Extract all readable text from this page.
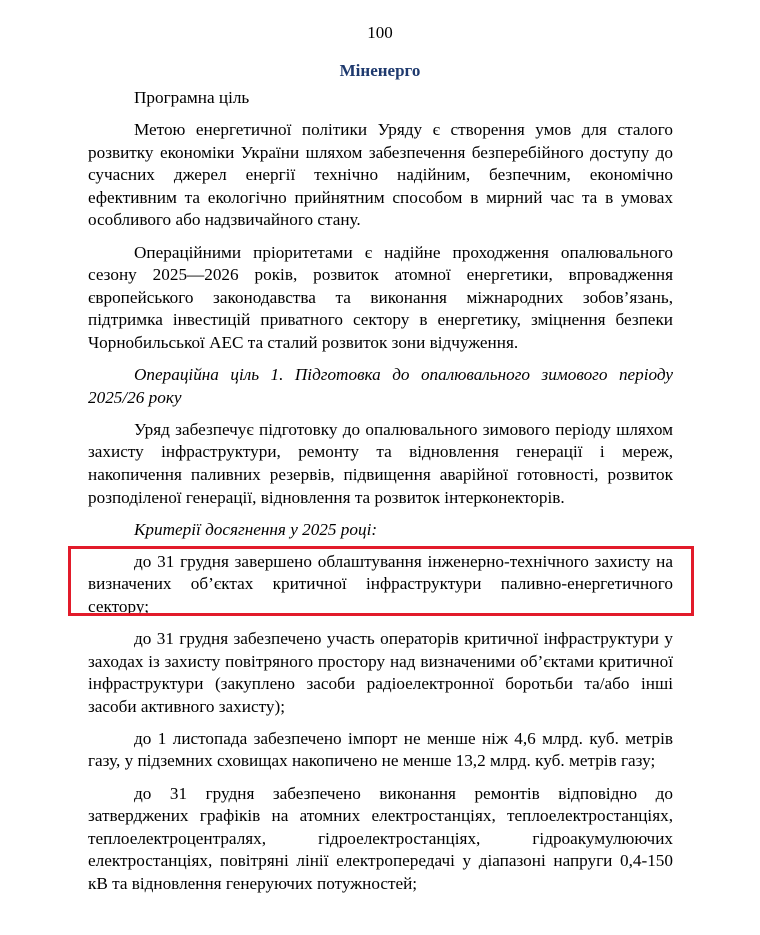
100
Міненерго

Програмна ціль

Метою енергетичної політики Уряду є створення умов для сталого розвитку економіки України шляхом забезпечення безперебійного доступу до сучасних джерел енергії технічно надійним, безпечним, економічно ефективним та екологічно прийнятним способом в мирний час та в умовах особливого або надзвичайного стану.

Операційними пріоритетами є надійне проходження опалювального сезону 2025—2026 років, розвиток атомної енергетики, впровадження європейського законодавства та виконання міжнародних зобов’язань, підтримка інвестицій приватного сектору в енергетику, зміцнення безпеки Чорнобильської АЕС та сталий розвиток зони відчуження.

Операційна ціль 1. Підготовка до опалювального зимового періоду 2025/26 року

Уряд забезпечує підготовку до опалювального зимового періоду шляхом захисту інфраструктури, ремонту та відновлення генерації і мереж, накопичення паливних резервів, підвищення аварійної готовності, розвиток розподіленої генерації, відновлення та розвиток інтерконекторів.

Критерії досягнення у 2025 році:

до 31 грудня завершено облаштування інженерно-технічного захисту на визначених об’єктах критичної інфраструктури паливно-енергетичного сектору;

до 31 грудня забезпечено участь операторів критичної інфраструктури у заходах із захисту повітряного простору над визначеними об’єктами критичної інфраструктури (закуплено засоби радіоелектронної боротьби та/або інші засоби активного захисту);

до 1 листопада забезпечено імпорт не менше ніж 4,6 млрд. куб. метрів газу, у підземних сховищах накопичено не менше 13,2 млрд. куб. метрів газу;

до 31 грудня забезпечено виконання ремонтів відповідно до затверджених графіків на атомних електростанціях, теплоелектростанціях, теплоелектроцентралях, гідроелектростанціях, гідроакумулюючих електростанціях, повітряні лінії електропередачі у діапазоні напруги 0,4-150 кВ та відновлення генеруючих потужностей;
